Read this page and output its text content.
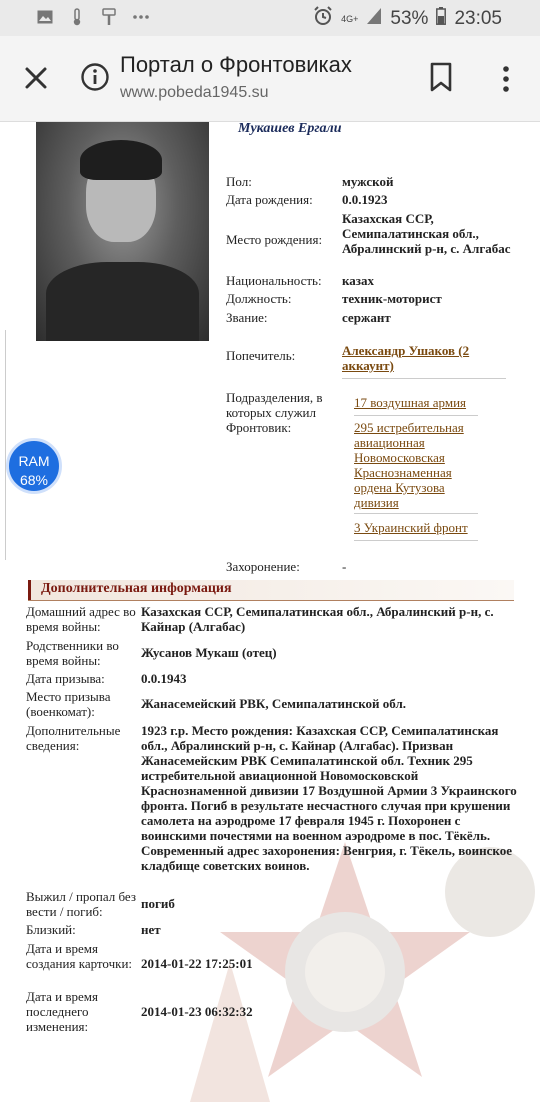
4G+ 53% 23:05
Портал о Фронтовиках
www.pobeda1945.su
Мукашев Ергали
Пол:	мужской
Дата рождения: 0.0.1923
Место рождения:
Казахская ССР, Семипалатинская обл., Абралинский р-н, с. Алгабас
Национальность: казах
Должность:	техник-моторист
Звание:	сержант
Попечитель:	Александр Ушаков (2 аккаунт)
Подразделения, в которых служил Фронтовик:
17 воздушная армия
295 истребительная авиационная Новомосковская Краснознаменная ордена Кутузова дивизия
3 Украинский фронт
Захоронение:	-
Дополнительная информация
Домашний адрес во время войны:
Казахская ССР, Семипалатинская обл., Абралинский р-н, с. Кайнар (Алгабас)
Родственники во время войны:
Жусанов Мукаш (отец)
Дата призыва:	0.0.1943
Место призыва (военкомат):
Жанасемейский РВК, Семипалатинской обл.
Дополнительные сведения:
1923 г.р. Место рождения: Казахская ССР, Семипалатинская обл., Абралинский р-н, с. Кайнар (Алгабас). Призван Жанасемейским РВК Семипалатинской обл. Техник 295 истребительной авиационной Новомосковской Краснознаменной дивизии 17 Воздушной Армии 3 Украинского фронта. Погиб в результате несчастного случая при крушении самолета на аэродроме 17 февраля 1945 г. Похоронен с воинскими почестями на военном аэродроме в пос. Тёкёль. Современный адрес захоронения: Венгрия, г. Тёкель, воинское кладбище советских воинов.
Выжил / пропал без вести / погиб:
погиб
Близкий:	нет
Дата и время создания карточки: 2014-01-22 17:25:01
Дата и время последнего изменения:
2014-01-23 06:32:32
RAM
68%
